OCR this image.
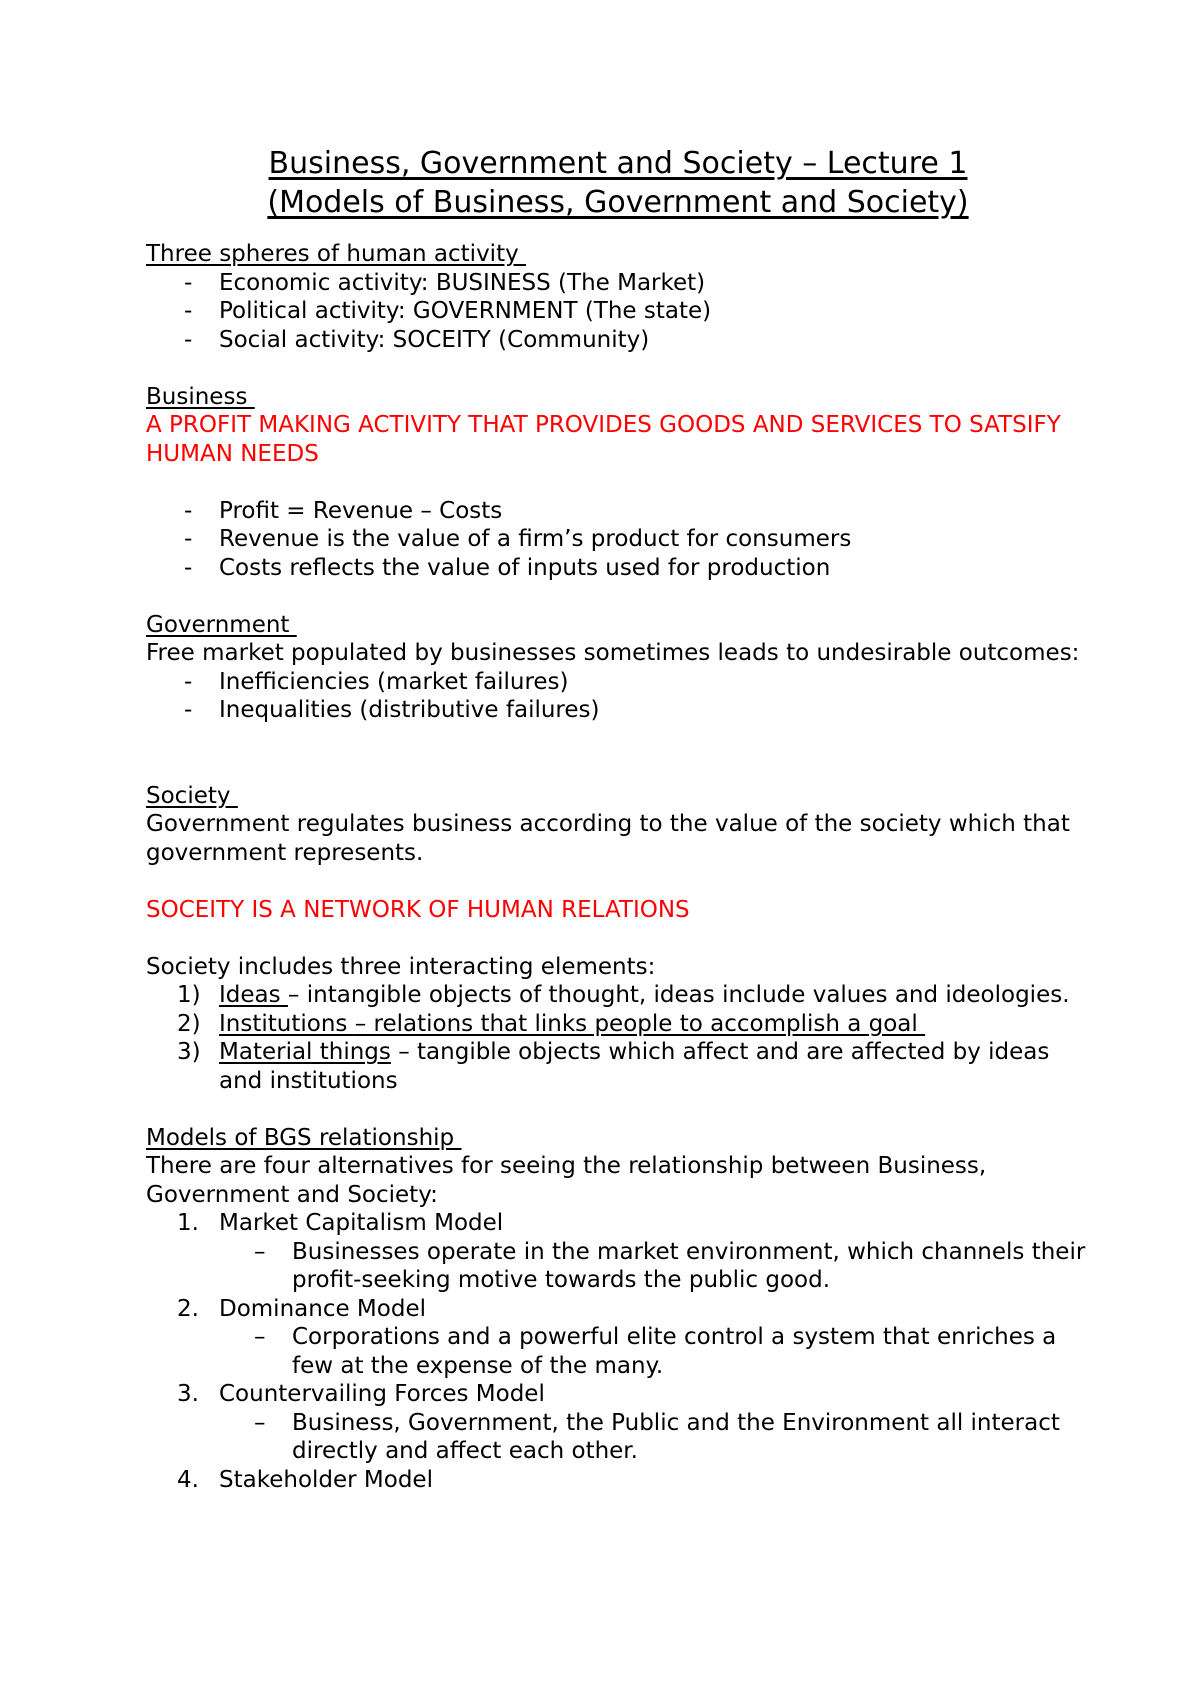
Business, Government and Society – Lecture 1
(Models of Business, Government and Society)
Three spheres of human activity
- Economic activity: BUSINESS (The Market)
- Political activity: GOVERNMENT (The state)
- Social activity: SOCEITY (Community)
Business
A PROFIT MAKING ACTIVITY THAT PROVIDES GOODS AND SERVICES TO SATSIFY HUMAN NEEDS
- Profit = Revenue – Costs
- Revenue is the value of a firm’s product for consumers
- Costs reflects the value of inputs used for production
Government
Free market populated by businesses sometimes leads to undesirable outcomes:
- Inefficiencies (market failures)
- Inequalities (distributive failures)
Society
Government regulates business according to the value of the society which that government represents.
SOCEITY IS A NETWORK OF HUMAN RELATIONS
Society includes three interacting elements:
1) Ideas – intangible objects of thought, ideas include values and ideologies.
2) Institutions – relations that links people to accomplish a goal
3) Material things – tangible objects which affect and are affected by ideas and institutions
Models of BGS relationship
There are four alternatives for seeing the relationship between Business, Government and Society:
1. Market Capitalism Model
– Businesses operate in the market environment, which channels their profit-seeking motive towards the public good.
2. Dominance Model
– Corporations and a powerful elite control a system that enriches a few at the expense of the many.
3. Countervailing Forces Model
– Business, Government, the Public and the Environment all interact directly and affect each other.
4. Stakeholder Model
